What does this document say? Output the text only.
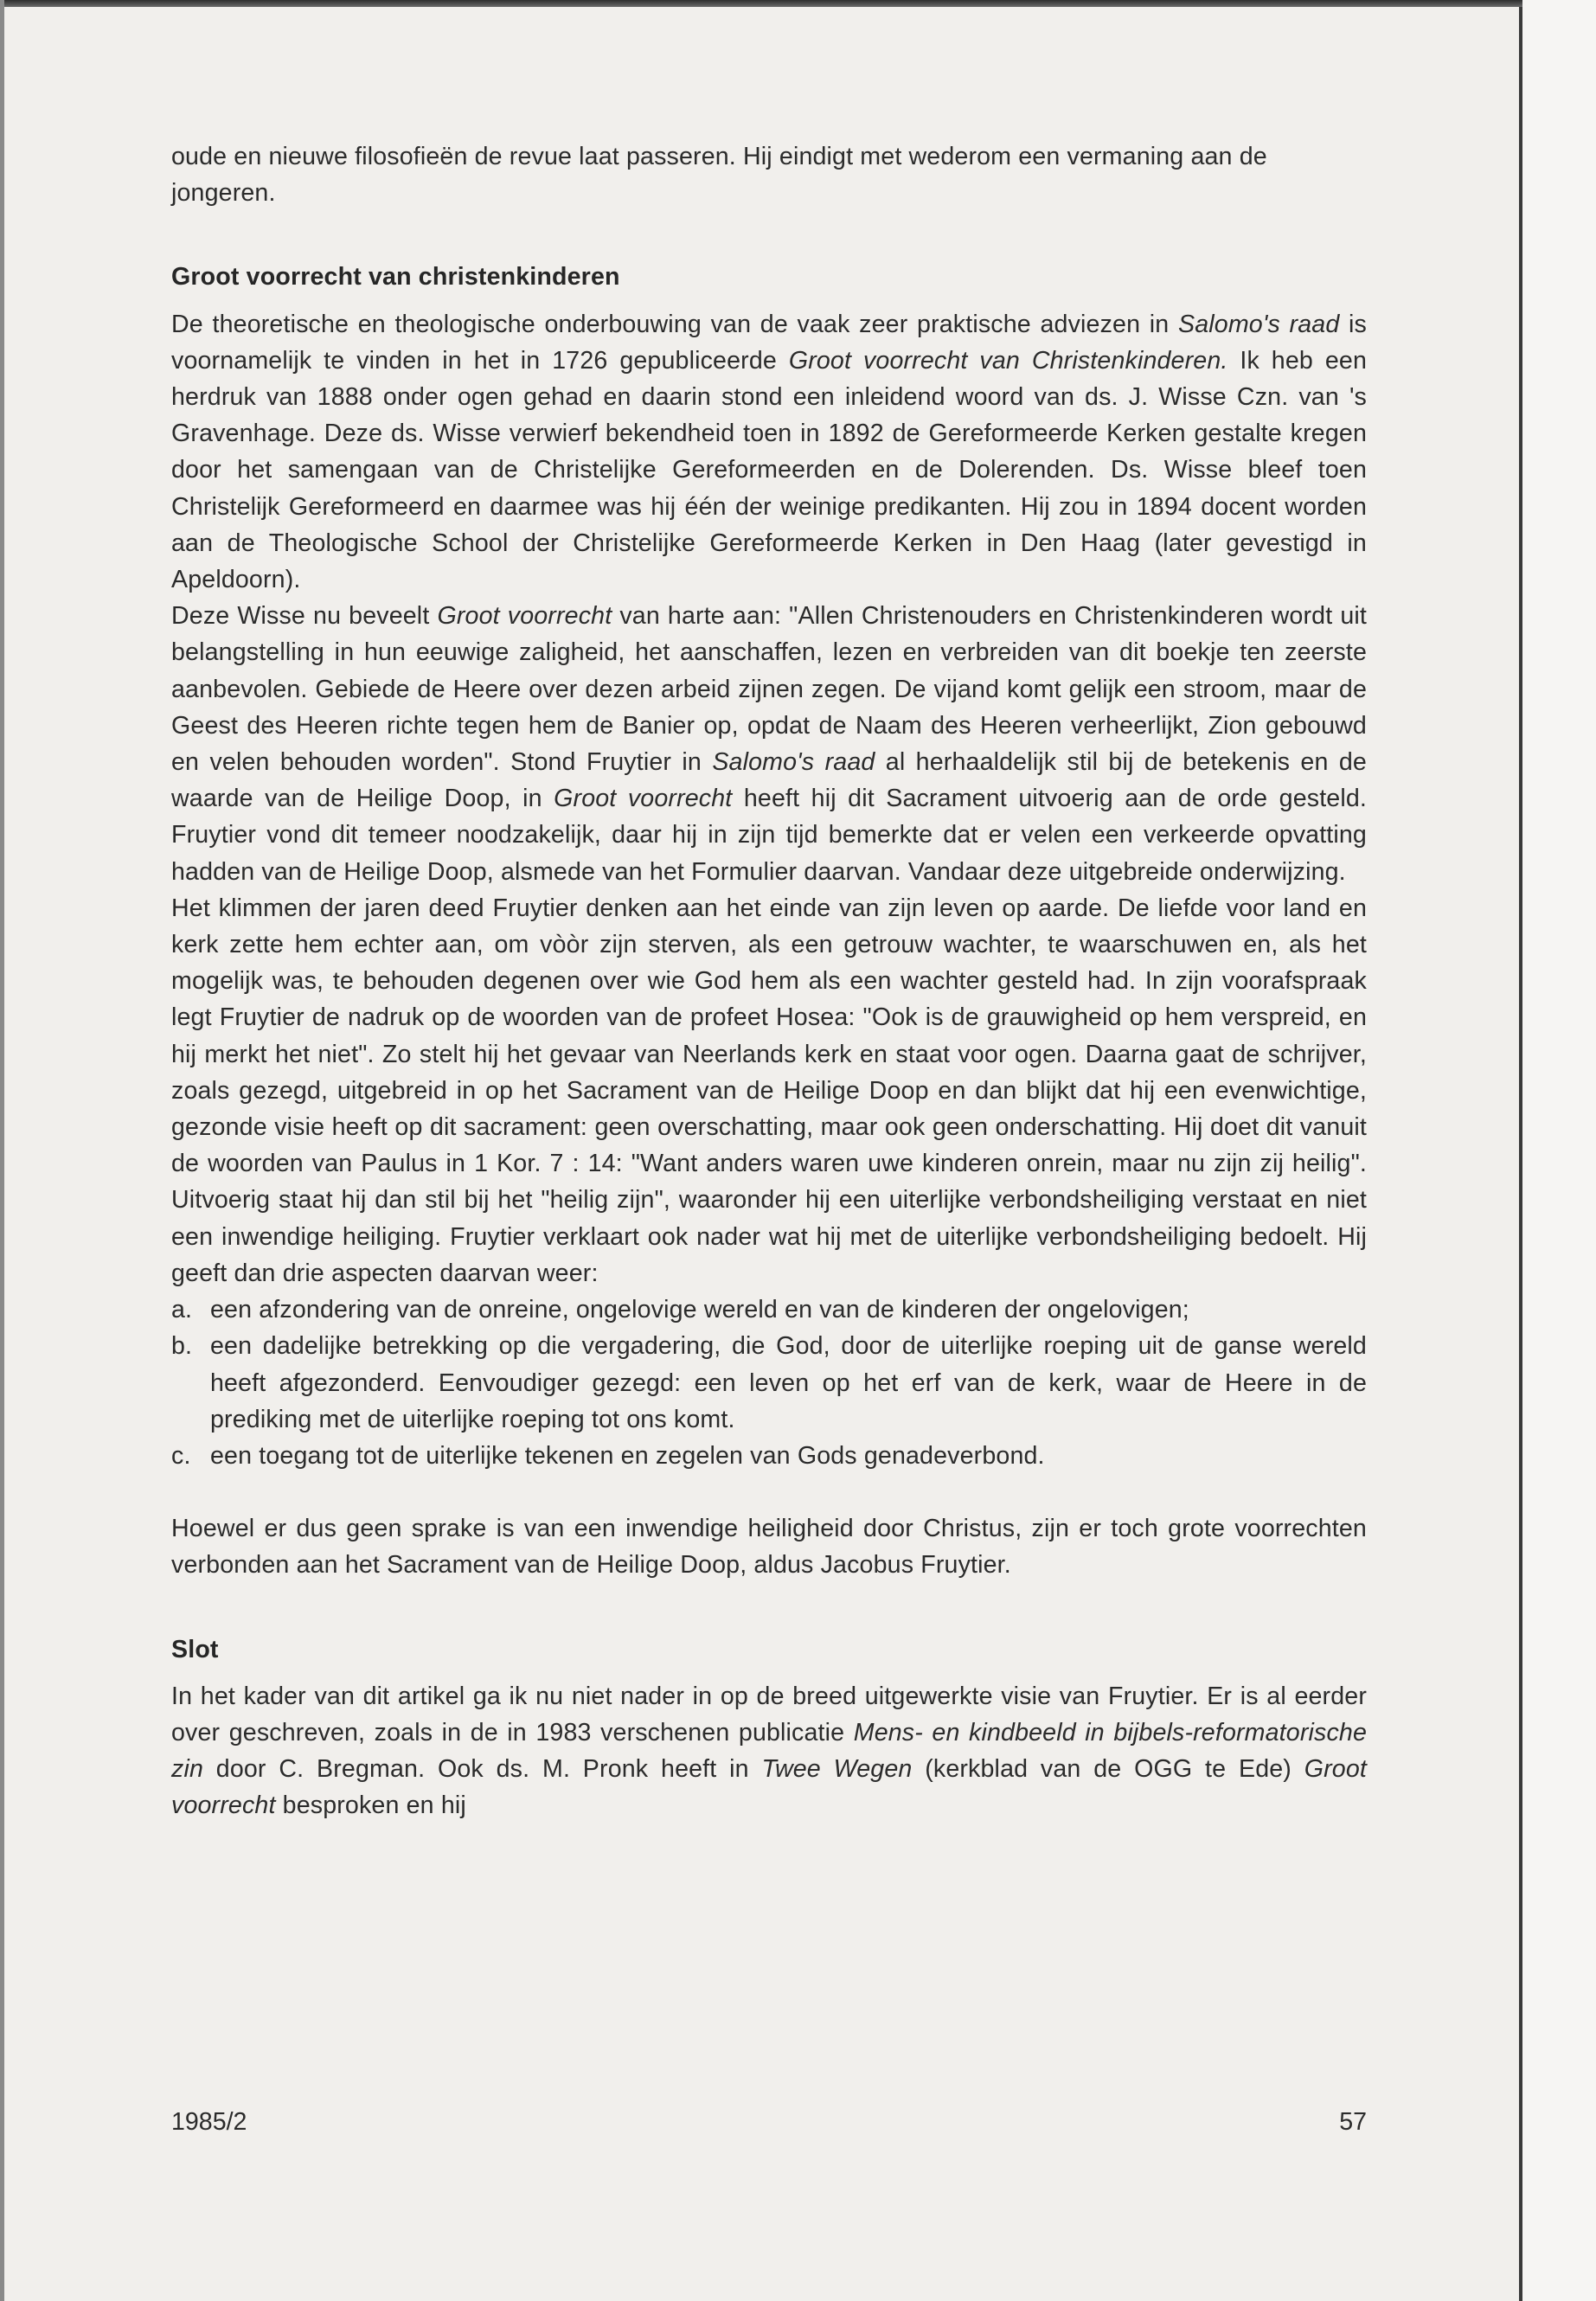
oude en nieuwe filosofieën de revue laat passeren. Hij eindigt met wederom een vermaning aan de jongeren.

Groot voorrecht van christenkinderen

De theoretische en theologische onderbouwing van de vaak zeer praktische adviezen in Salomo's raad is voornamelijk te vinden in het in 1726 gepubliceerde Groot voorrecht van Christenkinderen. Ik heb een herdruk van 1888 onder ogen gehad en daarin stond een inleidend woord van ds. J. Wisse Czn. van 's Gravenhage. Deze ds. Wisse verwierf bekendheid toen in 1892 de Gereformeerde Kerken gestalte kregen door het samengaan van de Christelijke Gereformeerden en de Dolerenden. Ds. Wisse bleef toen Christelijk Gereformeerd en daarmee was hij één der weinige predikanten. Hij zou in 1894 docent worden aan de Theologische School der Christelijke Gereformeerde Kerken in Den Haag (later gevestigd in Apeldoorn).

Deze Wisse nu beveelt Groot voorrecht van harte aan: "Allen Christenouders en Christenkinderen wordt uit belangstelling in hun eeuwige zaligheid, het aanschaffen, lezen en verbreiden van dit boekje ten zeerste aanbevolen. Gebiede de Heere over dezen arbeid zijnen zegen. De vijand komt gelijk een stroom, maar de Geest des Heeren richte tegen hem de Banier op, opdat de Naam des Heeren verheerlijkt, Zion gebouwd en velen behouden worden". Stond Fruytier in Salomo's raad al herhaaldelijk stil bij de betekenis en de waarde van de Heilige Doop, in Groot voorrecht heeft hij dit Sacrament uitvoerig aan de orde gesteld. Fruytier vond dit temeer noodzakelijk, daar hij in zijn tijd bemerkte dat er velen een verkeerde opvatting hadden van de Heilige Doop, alsmede van het Formulier daarvan. Vandaar deze uitgebreide onderwijzing.

Het klimmen der jaren deed Fruytier denken aan het einde van zijn leven op aarde. De liefde voor land en kerk zette hem echter aan, om vòòr zijn sterven, als een getrouw wachter, te waarschuwen en, als het mogelijk was, te behouden degenen over wie God hem als een wachter gesteld had. In zijn voorafspraak legt Fruytier de nadruk op de woorden van de profeet Hosea: "Ook is de grauwigheid op hem verspreid, en hij merkt het niet". Zo stelt hij het gevaar van Neerlands kerk en staat voor ogen. Daarna gaat de schrijver, zoals gezegd, uitgebreid in op het Sacrament van de Heilige Doop en dan blijkt dat hij een evenwichtige, gezonde visie heeft op dit sacrament: geen overschatting, maar ook geen onderschatting. Hij doet dit vanuit de woorden van Paulus in 1 Kor. 7 : 14: "Want anders waren uwe kinderen onrein, maar nu zijn zij heilig". Uitvoerig staat hij dan stil bij het "heilig zijn", waaronder hij een uiterlijke verbondsheiliging verstaat en niet een inwendige heiliging. Fruytier verklaart ook nader wat hij met de uiterlijke verbondsheiliging bedoelt. Hij geeft dan drie aspecten daarvan weer:

a. een afzondering van de onreine, ongelovige wereld en van de kinderen der ongelovigen;
b. een dadelijke betrekking op die vergadering, die God, door de uiterlijke roeping uit de ganse wereld heeft afgezonderd. Eenvoudiger gezegd: een leven op het erf van de kerk, waar de Heere in de prediking met de uiterlijke roeping tot ons komt.
c. een toegang tot de uiterlijke tekenen en zegelen van Gods genadeverbond.

Hoewel er dus geen sprake is van een inwendige heiligheid door Christus, zijn er toch grote voorrechten verbonden aan het Sacrament van de Heilige Doop, aldus Jacobus Fruytier.

Slot

In het kader van dit artikel ga ik nu niet nader in op de breed uitgewerkte visie van Fruytier. Er is al eerder over geschreven, zoals in de in 1983 verschenen publicatie Mens- en kindbeeld in bijbels-reformatorische zin door C. Bregman. Ook ds. M. Pronk heeft in Twee Wegen (kerkblad van de OGG te Ede) Groot voorrecht besproken en hij

1985/2	57
